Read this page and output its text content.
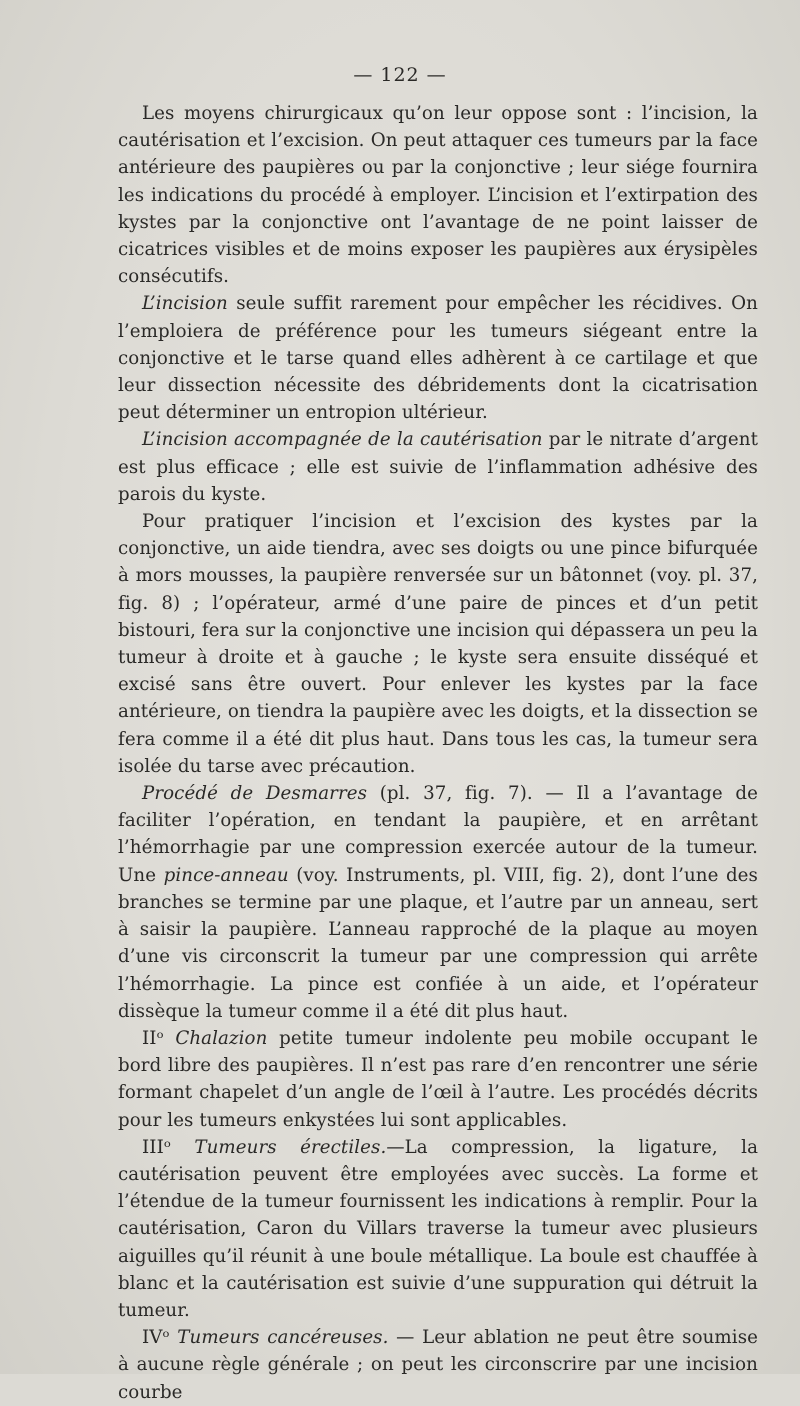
— 122 —

Les moyens chirurgicaux qu’on leur oppose sont : l’incision, la cautérisation et l’excision. On peut attaquer ces tumeurs par la face antérieure des paupières ou par la conjonctive ; leur siége fournira les indications du procédé à employer. L’incision et l’extirpation des kystes par la conjonctive ont l’avantage de ne point laisser de cicatrices visibles et de moins exposer les paupières aux érysipèles consécutifs.

L’incision seule suffit rarement pour empêcher les récidives. On l’emploiera de préférence pour les tumeurs siégeant entre la conjonctive et le tarse quand elles adhèrent à ce cartilage et que leur dissection nécessite des débridements dont la cicatrisation peut déterminer un entropion ultérieur.

L’incision accompagnée de la cautérisation par le nitrate d’argent est plus efficace ; elle est suivie de l’inflammation adhésive des parois du kyste.

Pour pratiquer l’incision et l’excision des kystes par la conjonctive, un aide tiendra, avec ses doigts ou une pince bifurquée à mors mousses, la paupière renversée sur un bâtonnet (voy. pl. 37, fig. 8) ; l’opérateur, armé d’une paire de pinces et d’un petit bistouri, fera sur la conjonctive une incision qui dépassera un peu la tumeur à droite et à gauche ; le kyste sera ensuite disséqué et excisé sans être ouvert. Pour enlever les kystes par la face antérieure, on tiendra la paupière avec les doigts, et la dissection se fera comme il a été dit plus haut. Dans tous les cas, la tumeur sera isolée du tarse avec précaution.

Procédé de Desmarres (pl. 37, fig. 7). — Il a l’avantage de faciliter l’opération, en tendant la paupière, et en arrêtant l’hémorrhagie par une compression exercée autour de la tumeur. Une pince-anneau (voy. Instruments, pl. VIII, fig. 2), dont l’une des branches se termine par une plaque, et l’autre par un anneau, sert à saisir la paupière. L’anneau rapproché de la plaque au moyen d’une vis circonscrit la tumeur par une compression qui arrête l’hémorrhagie. La pince est confiée à un aide, et l’opérateur dissèque la tumeur comme il a été dit plus haut.

IIᵒ Chalazion petite tumeur indolente peu mobile occupant le bord libre des paupières. Il n’est pas rare d’en rencontrer une série formant chapelet d’un angle de l’œil à l’autre. Les procédés décrits pour les tumeurs enkystées lui sont applicables.

IIIᵒ Tumeurs érectiles.—La compression, la ligature, la cautérisation peuvent être employées avec succès. La forme et l’étendue de la tumeur fournissent les indications à remplir. Pour la cautérisation, Caron du Villars traverse la tumeur avec plusieurs aiguilles qu’il réunit à une boule métallique. La boule est chauffée à blanc et la cautérisation est suivie d’une suppuration qui détruit la tumeur.

IVᵒ Tumeurs cancéreuses. — Leur ablation ne peut être soumise à aucune règle générale ; on peut les circonscrire par une incision courbe
